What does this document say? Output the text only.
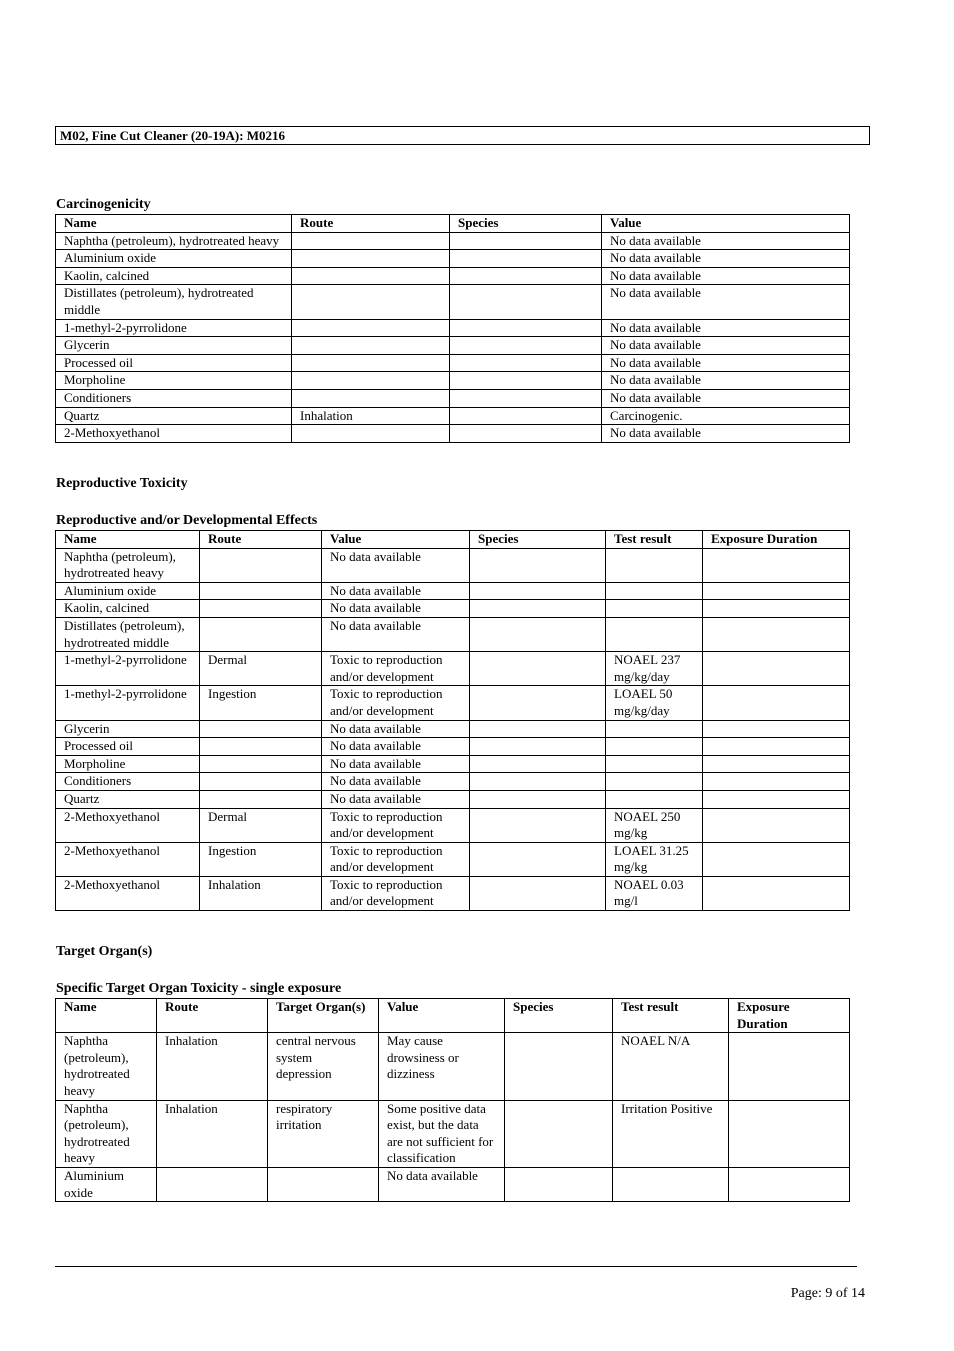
M02, Fine Cut Cleaner (20-19A): M0216
Carcinogenicity
Name	Route	Species	Value
Naphtha (petroleum), hydrotreated heavy			No data available
Aluminium oxide			No data available
Kaolin, calcined			No data available
Distillates (petroleum), hydrotreated middle			No data available
1-methyl-2-pyrrolidone			No data available
Glycerin			No data available
Processed oil			No data available
Morpholine			No data available
Conditioners			No data available
Quartz	Inhalation		Carcinogenic.
2-Methoxyethanol			No data available
Reproductive Toxicity
Reproductive and/or Developmental Effects
Name	Route	Value	Species	Test result	Exposure Duration
Naphtha (petroleum), hydrotreated heavy		No data available			
Aluminium oxide		No data available			
Kaolin, calcined		No data available			
Distillates (petroleum), hydrotreated middle		No data available			
1-methyl-2-pyrrolidone	Dermal	Toxic to reproduction and/or development		NOAEL 237 mg/kg/day	
1-methyl-2-pyrrolidone	Ingestion	Toxic to reproduction and/or development		LOAEL 50 mg/kg/day	
Glycerin		No data available			
Processed oil		No data available			
Morpholine		No data available			
Conditioners		No data available			
Quartz		No data available			
2-Methoxyethanol	Dermal	Toxic to reproduction and/or development		NOAEL 250 mg/kg	
2-Methoxyethanol	Ingestion	Toxic to reproduction and/or development		LOAEL 31.25 mg/kg	
2-Methoxyethanol	Inhalation	Toxic to reproduction and/or development		NOAEL 0.03 mg/l	
Target Organ(s)
Specific Target Organ Toxicity - single exposure
Name	Route	Target Organ(s)	Value	Species	Test result	Exposure Duration
Naphtha (petroleum), hydrotreated heavy	Inhalation	central nervous system depression	May cause drowsiness or dizziness		NOAEL N/A	
Naphtha (petroleum), hydrotreated heavy	Inhalation	respiratory irritation	Some positive data exist, but the data are not sufficient for classification		Irritation Positive	
Aluminium oxide			No data available			
Page: 9 of 14
